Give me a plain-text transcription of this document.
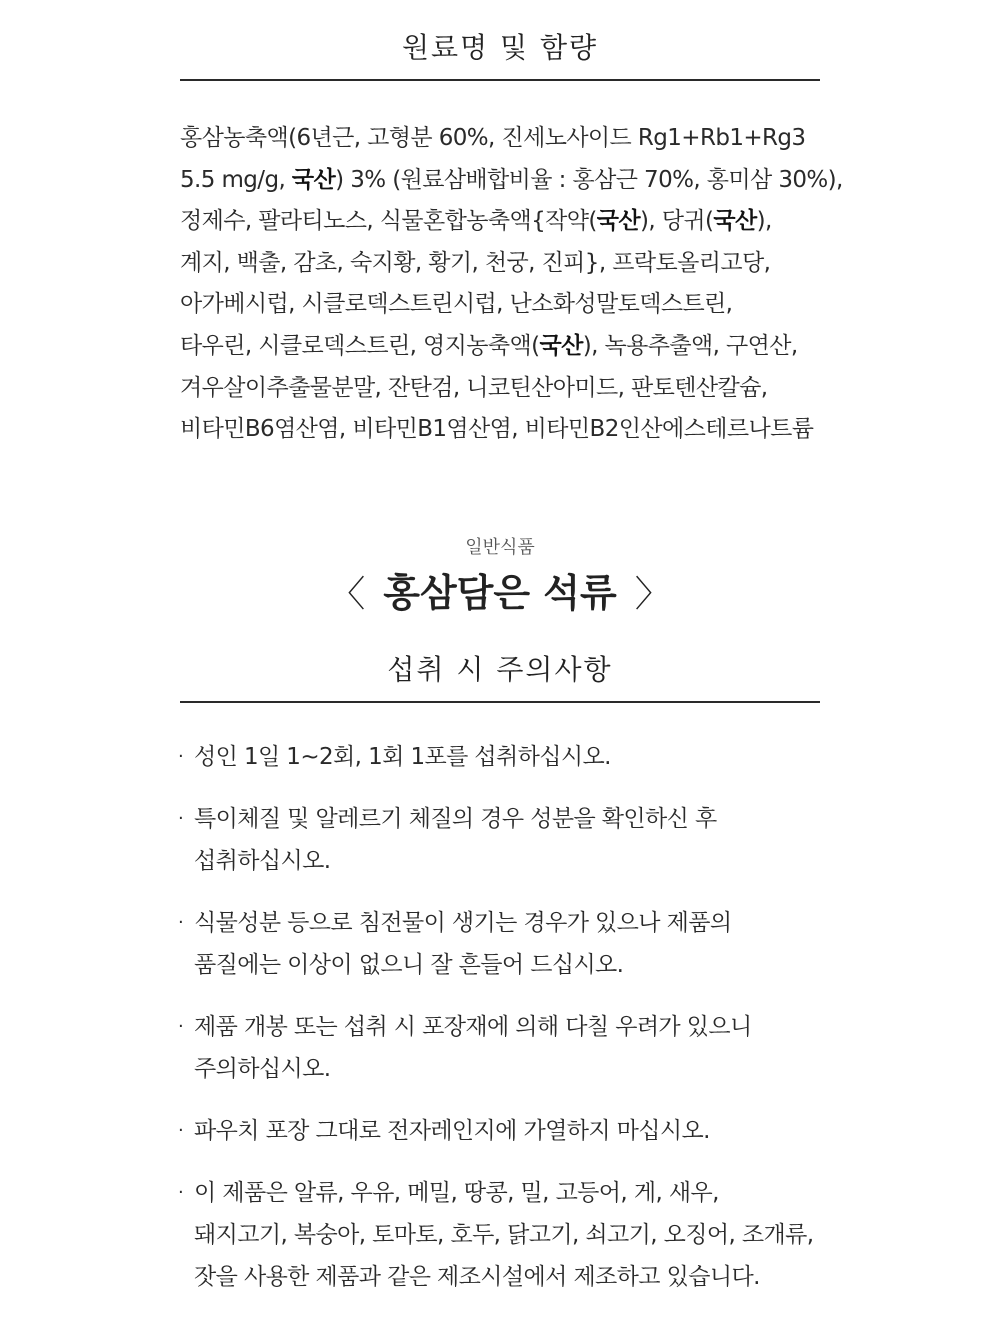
원료명 및 함량
홍삼농축액(6년근, 고형분 60%, 진세노사이드 Rg1+Rb1+Rg3
5.5 mg/g, 국산) 3% (원료삼배합비율 : 홍삼근 70%, 홍미삼 30%),
정제수, 팔라티노스, 식물혼합농축액{작약(국산), 당귀(국산),
계지, 백출, 감초, 숙지황, 황기, 천궁, 진피}, 프락토올리고당,
아가베시럽, 시클로덱스트린시럽, 난소화성말토덱스트린,
타우린, 시클로덱스트린, 영지농축액(국산), 녹용추출액, 구연산,
겨우살이추출물분말, 잔탄검, 니코틴산아미드, 판토텐산칼슘,
비타민B6염산염, 비타민B1염산염, 비타민B2인산에스테르나트륨
일반식품
〈 홍삼담은 석류 〉
섭취 시 주의사항
· 성인 1일 1~2회, 1회 1포를 섭취하십시오.
· 특이체질 및 알레르기 체질의 경우 성분을 확인하신 후
섭취하십시오.
· 식물성분 등으로 침전물이 생기는 경우가 있으나 제품의
품질에는 이상이 없으니 잘 흔들어 드십시오.
· 제품 개봉 또는 섭취 시 포장재에 의해 다칠 우려가 있으니
주의하십시오.
· 파우치 포장 그대로 전자레인지에 가열하지 마십시오.
· 이 제품은 알류, 우유, 메밀, 땅콩, 밀, 고등어, 게, 새우,
돼지고기, 복숭아, 토마토, 호두, 닭고기, 쇠고기, 오징어, 조개류,
잣을 사용한 제품과 같은 제조시설에서 제조하고 있습니다.
